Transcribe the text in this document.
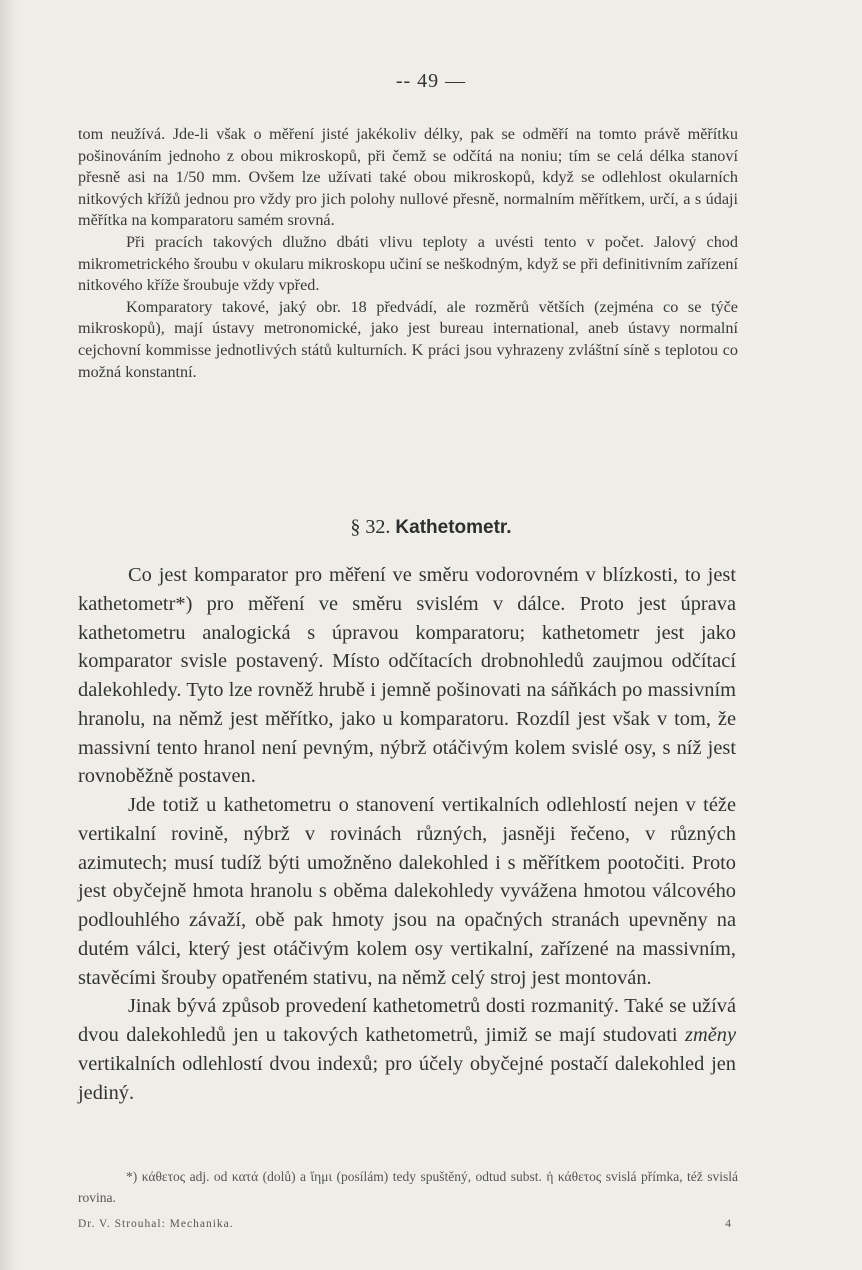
-- 49 —

tom neužívá. Jde-li však o měření jisté jakékoliv délky, pak se odměří na tomto právě měřítku pošinováním jednoho z obou mikroskopů, při čemž se odčítá na noniu; tím se celá délka stanoví přesně asi na 1/50 mm. Ovšem lze užívati také obou mikroskopů, když se odlehlost okularních nitkových křížů jednou pro vždy pro jich polohy nullové přesně, normalním měřítkem, určí, a s údaji měřítka na komparatoru samém srovná.

Při pracích takových dlužno dbáti vlivu teploty a uvésti tento v počet. Jalový chod mikrometrického šroubu v okularu mikroskopu učiní se neškodným, když se při definitivním zařízení nitkového kříže šroubuje vždy vpřed.

Komparatory takové, jaký obr. 18 předvádí, ale rozměrů větších (zejména co se týče mikroskopů), mají ústavy metronomické, jako jest bureau international, aneb ústavy normalní cejchovní kommisse jednotlivých států kulturních. K práci jsou vyhrazeny zvláštní síně s teplotou co možná konstantní.

§ 32. Kathetometr.

Co jest komparator pro měření ve směru vodorovném v blízkosti, to jest kathetometr*) pro měření ve směru svislém v dálce. Proto jest úprava kathetometru analogická s úpravou komparatoru; kathetometr jest jako komparator svisle postavený. Místo odčítacích drobnohledů zaujmou odčítací dalekohledy. Tyto lze rovněž hrubě i jemně pošinovati na sáňkách po massivním hranolu, na němž jest měřítko, jako u komparatoru. Rozdíl jest však v tom, že massivní tento hranol není pevným, nýbrž otáčivým kolem svislé osy, s níž jest rovnoběžně postaven.

Jde totiž u kathetometru o stanovení vertikalních odlehlostí nejen v téže vertikalní rovině, nýbrž v rovinách různých, jasněji řečeno, v různých azimutech; musí tudíž býti umožněno dalekohled i s měřítkem pootočiti. Proto jest obyčejně hmota hranolu s oběma dalekohledy vyvážena hmotou válcového podlouhlého závaží, obě pak hmoty jsou na opačných stranách upevněny na dutém válci, který jest otáčivým kolem osy vertikalní, zařízené na massivním, stavěcími šrouby opatřeném stativu, na němž celý stroj jest montován.

Jinak bývá způsob provedení kathetometrů dosti rozmanitý. Také se užívá dvou dalekohledů jen u takových kathetometrů, jimiž se mají studovati změny vertikalních odlehlostí dvou indexů; pro účely obyčejné postačí dalekohled jen jediný.

*) κάθετος adj. od κατά (dolů) a ἵημι (posílám) tedy spuštěný, odtud subst. ἡ κάθετος svislá přímka, též svislá rovina.

Dr. V. Strouhal: Mechanika.	4
